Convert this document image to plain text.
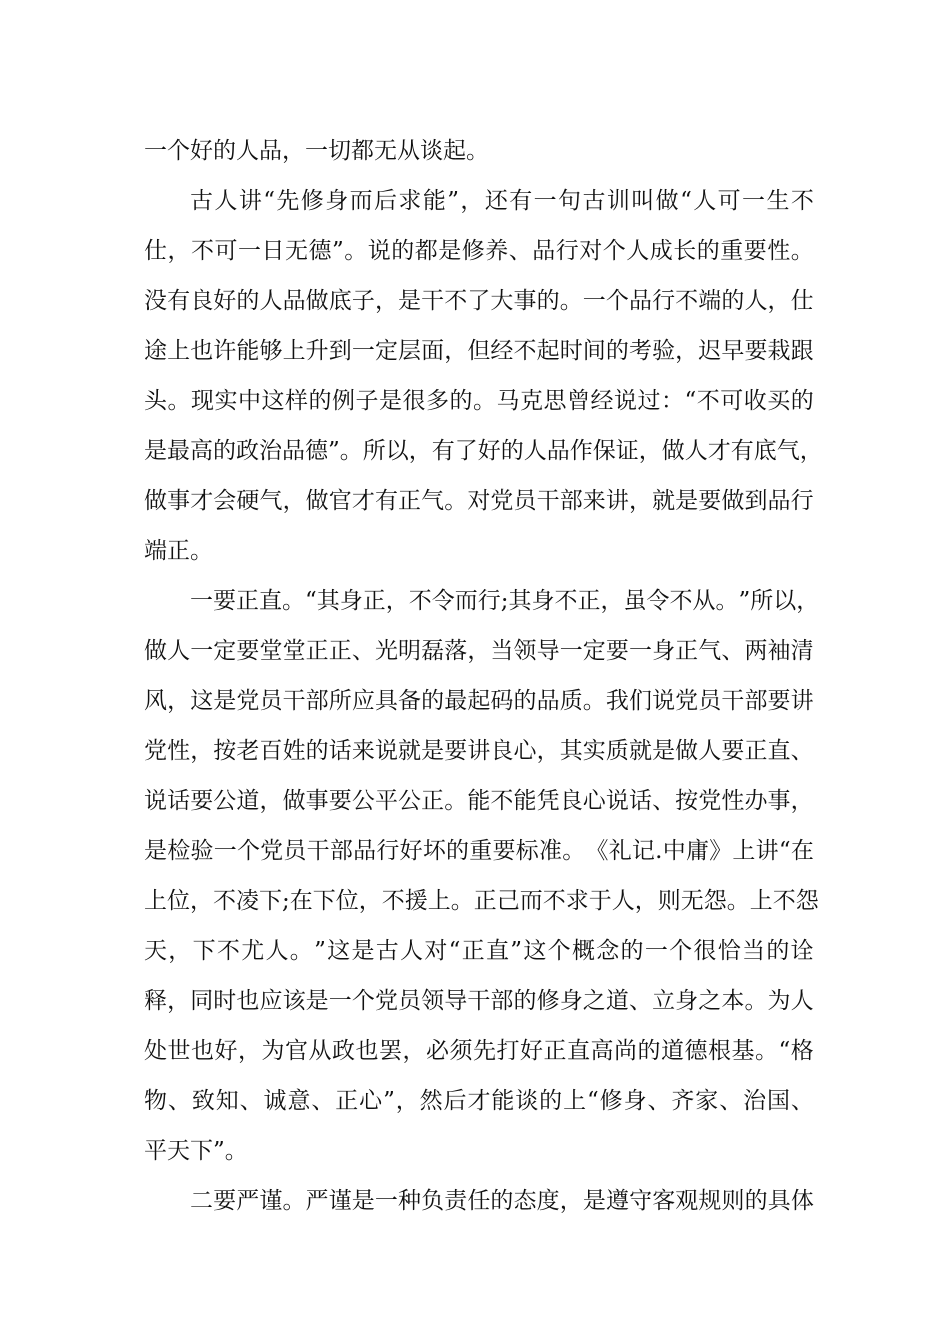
一个好的人品，一切都无从谈起。
古 人 讲 “ 先 修 身 而 后 求 能 ” ， 还 有 一 句 古 训 叫 做 “ 人 可 一 生 不
仕 ， 不 可 一 日 无 德 ” 。 说 的 都 是 修 养 、 品 行 对 个 人 成 长 的 重 要 性 。
没 有 良 好 的 人 品 做 底 子 ， 是 干 不 了 大 事 的 。 一 个 品 行 不 端 的 人 ， 仕
途 上 也 许 能 够 上 升 到 一 定 层 面 ， 但 经 不 起 时 间 的 考 验 ， 迟 早 要 栽 跟
头 。 现 实 中 这 样 的 例 子 是 很 多 的 。 马 克 思 曾 经 说 过 ： “ 不 可 收 买 的
是 最 高 的 政 治 品 德 ” 。 所 以 ， 有 了 好 的 人 品 作 保 证 ， 做 人 才 有 底 气 ，
做 事 才 会 硬 气 ， 做 官 才 有 正 气 。 对 党 员 干 部 来 讲 ， 就 是 要 做 到 品 行
端正。
一 要 正 直 。 “ 其 身 正 ， 不 令 而 行 ; 其 身 不 正 ， 虽 令 不 从 。 ” 所 以 ，
做 人 一 定 要 堂 堂 正 正 、 光 明 磊 落 ， 当 领 导 一 定 要 一 身 正 气 、 两 袖 清
风 ， 这 是 党 员 干 部 所 应 具 备 的 最 起 码 的 品 质 。 我 们 说 党 员 干 部 要 讲
党 性 ， 按 老 百 姓 的 话 来 说 就 是 要 讲 良 心 ， 其 实 质 就 是 做 人 要 正 直 、
说 话 要 公 道 ， 做 事 要 公 平 公 正 。 能 不 能 凭 良 心 说 话 、 按 党 性 办 事 ，
是 检 验 一 个 党 员 干 部 品 行 好 坏 的 重 要 标 准 。 《 礼 记 . 中 庸 》 上 讲 “ 在
上 位 ， 不 凌 下 ; 在 下 位 ， 不 援 上 。 正 己 而 不 求 于 人 ， 则 无 怨 。 上 不 怨
天 ， 下 不 尤 人 。 ” 这 是 古 人 对 “ 正 直 ” 这 个 概 念 的 一 个 很 恰 当 的 诠
释 ， 同 时 也 应 该 是 一 个 党 员 领 导 干 部 的 修 身 之 道 、 立 身 之 本 。 为 人
处 世 也 好 ， 为 官 从 政 也 罢 ， 必 须 先 打 好 正 直 高 尚 的 道 德 根 基 。 “ 格
物 、 致 知 、 诚 意 、 正 心 ” ， 然 后 才 能 谈 的 上 “ 修 身 、 齐 家 、 治 国 、
平天下”。
二 要 严 谨 。 严 谨 是 一 种 负 责 任 的 态 度 ， 是 遵 守 客 观 规 则 的 具 体
